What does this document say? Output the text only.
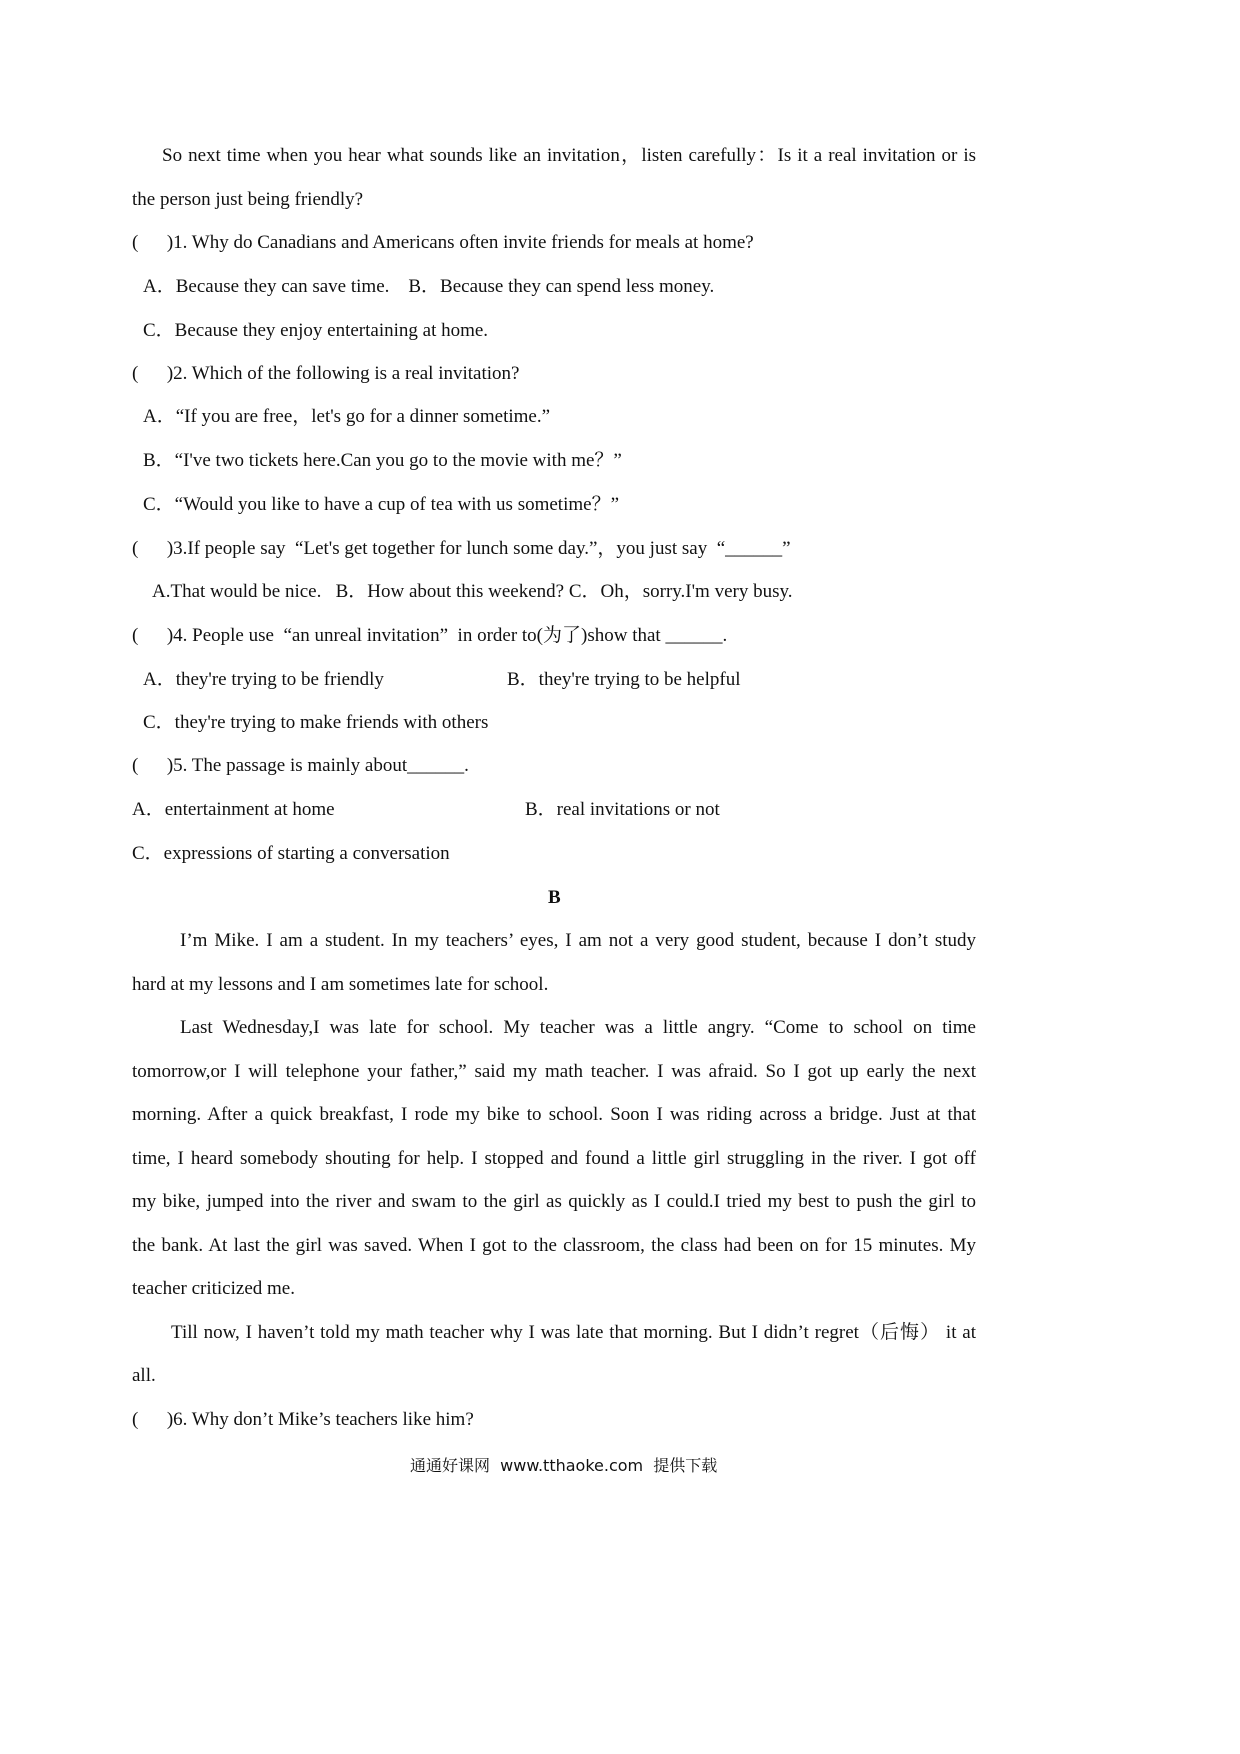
So next time when you hear what sounds like an invitation，listen carefully：Is it a real invitation or is
the person just being friendly?
(      )1. Why do Canadians and Americans often invite friends for meals at home?
A．Because they can save time.    B．Because they can spend less money.
C．Because they enjoy entertaining at home.
(      )2. Which of the following is a real invitation?
A．“If you are free，let's go for a dinner sometime.”
B．“I've two tickets here.Can you go to the movie with me？”
C．“Would you like to have a cup of tea with us sometime？”
(      )3.If people say  “Let's get together for lunch some day.”，you just say  “______”
A.That would be nice.   B．How about this weekend? C．Oh，sorry.I'm very busy.
(      )4. People use  “an unreal invitation”  in order to(为了)show that ______.
A．they're trying to be friendly	B．they're trying to be helpful
C．they're trying to make friends with others
(      )5. The passage is mainly about______.
A．entertainment at home	B．real invitations or not
C．expressions of starting a conversation
B
I’m Mike. I am a student. In my teachers’ eyes, I am not a very good student, because I don’t study
hard at my lessons and I am sometimes late for school.
Last Wednesday,I was late for school. My teacher was a little angry. “Come to school on time
tomorrow,or I will telephone your father,” said my math teacher. I was afraid. So I got up early the next
morning. After a quick breakfast, I rode my bike to school. Soon I was riding across a bridge. Just at that
time, I heard somebody shouting for help. I stopped and found a little girl struggling in the river. I got off
my bike, jumped into the river and swam to the girl as quickly as I could.I tried my best to push the girl to
the bank. At last the girl was saved. When I got to the classroom, the class had been on for 15 minutes. My
teacher criticized me.
Till now, I haven’t told my math teacher why I was late that morning. But I didn’t regret（后悔） it at
all.
(      )6. Why don’t Mike’s teachers like him?
通通好课网  www.tthaoke.com  提供下载
